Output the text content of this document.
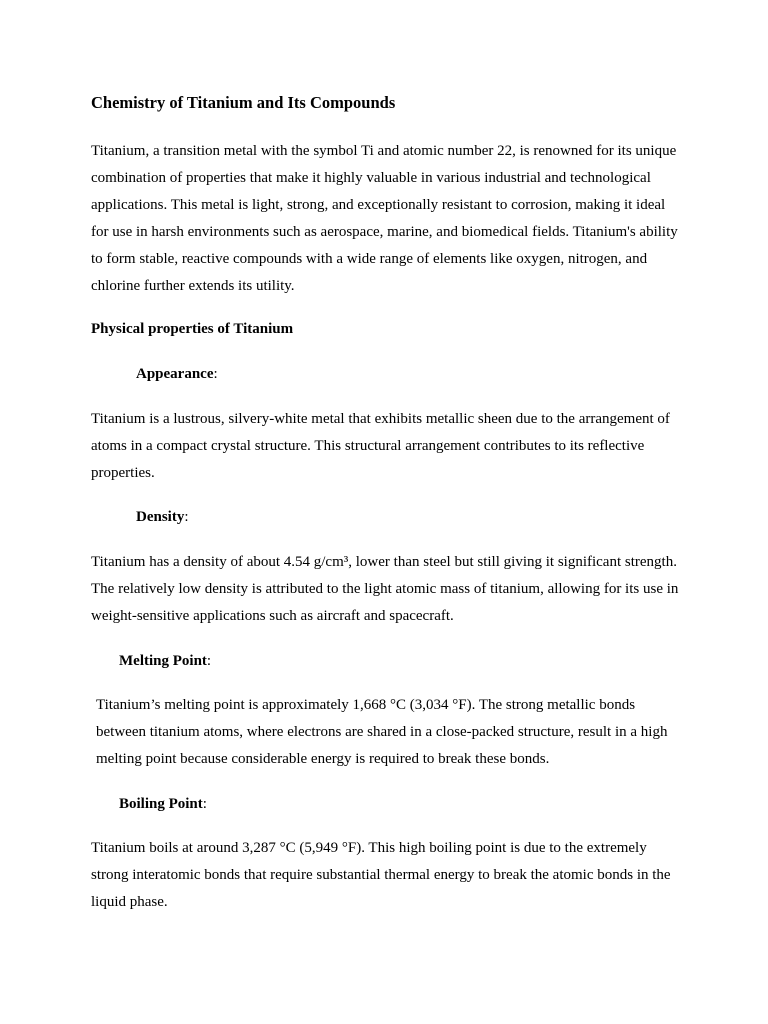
Chemistry of Titanium and Its Compounds

Titanium, a transition metal with the symbol Ti and atomic number 22, is renowned for its unique combination of properties that make it highly valuable in various industrial and technological applications. This metal is light, strong, and exceptionally resistant to corrosion, making it ideal for use in harsh environments such as aerospace, marine, and biomedical fields. Titanium's ability to form stable, reactive compounds with a wide range of elements like oxygen, nitrogen, and chlorine further extends its utility.

Physical properties of Titanium
Appearance:

Titanium is a lustrous, silvery-white metal that exhibits metallic sheen due to the arrangement of atoms in a compact crystal structure. This structural arrangement contributes to its reflective properties.

Density:

Titanium has a density of about 4.54 g/cm³, lower than steel but still giving it significant strength. The relatively low density is attributed to the light atomic mass of titanium, allowing for its use in weight-sensitive applications such as aircraft and spacecraft.

Melting Point:

Titanium’s melting point is approximately 1,668 °C (3,034 °F). The strong metallic bonds between titanium atoms, where electrons are shared in a close-packed structure, result in a high melting point because considerable energy is required to break these bonds.

Boiling Point:

Titanium boils at around 3,287 °C (5,949 °F). This high boiling point is due to the extremely strong interatomic bonds that require substantial thermal energy to break the atomic bonds in the liquid phase.
